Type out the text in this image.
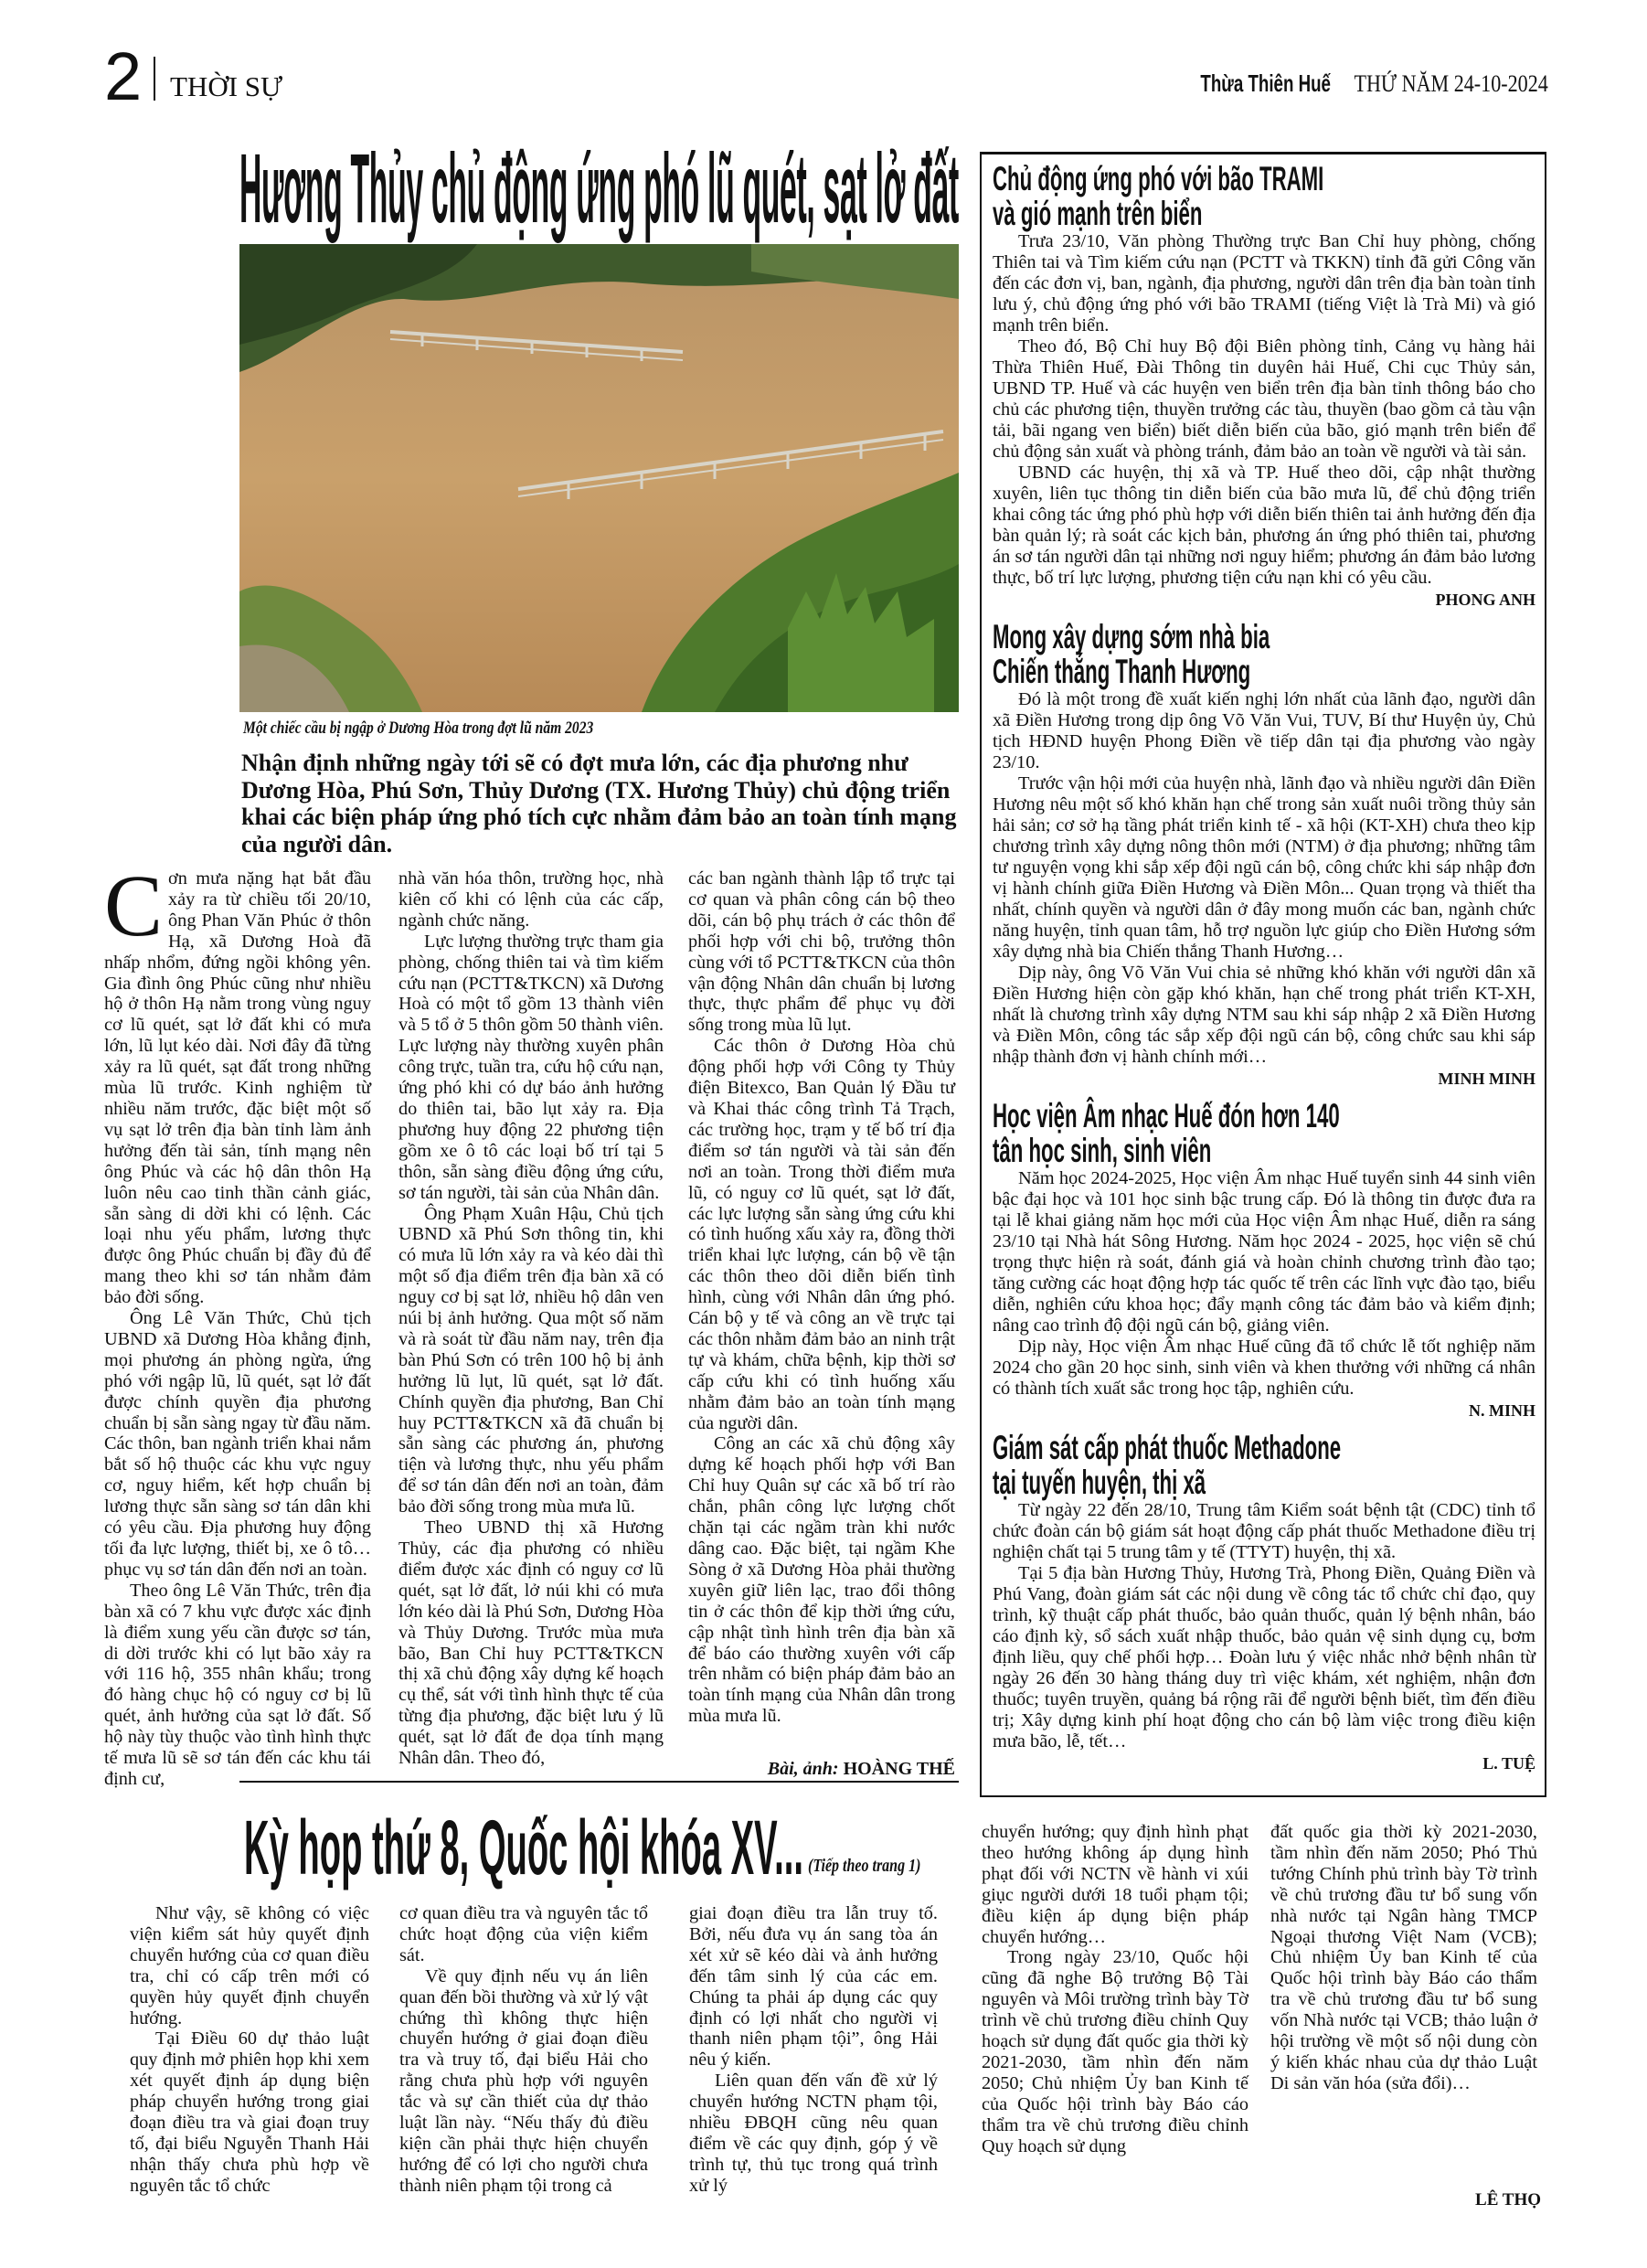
2 THỜI SỰ	Thừa Thiên Huế THỨ NĂM 24-10-2024
Hương Thủy chủ động ứng phó lũ quét, sạt lở đất
Một chiếc cầu bị ngập ở Dương Hòa trong đợt lũ năm 2023
Nhận định những ngày tới sẽ có đợt mưa lớn, các địa phương như Dương Hòa, Phú Sơn, Thủy Dương (TX. Hương Thủy) chủ động triển khai các biện pháp ứng phó tích cực nhằm đảm bảo an toàn tính mạng của người dân.

Cơn mưa nặng hạt bắt đầu xảy ra từ chiều tối 20/10, ông Phan Văn Phúc ở thôn Hạ, xã Dương Hoà đã nhấp nhổm, đứng ngồi không yên. Gia đình ông Phúc cũng như nhiều hộ ở thôn Hạ nằm trong vùng nguy cơ lũ quét, sạt lở đất khi có mưa lớn, lũ lụt kéo dài. Nơi đây đã từng xảy ra lũ quét, sạt đất trong những mùa lũ trước. Kinh nghiệm từ nhiều năm trước, đặc biệt một số vụ sạt lở trên địa bàn tỉnh làm ảnh hưởng đến tài sản, tính mạng nên ông Phúc và các hộ dân thôn Hạ luôn nêu cao tinh thần cảnh giác, sẵn sàng di dời khi có lệnh. Các loại nhu yếu phẩm, lương thực được ông Phúc chuẩn bị đầy đủ để mang theo khi sơ tán nhằm đảm bảo đời sống.

Ông Lê Văn Thức, Chủ tịch UBND xã Dương Hòa khẳng định, mọi phương án phòng ngừa, ứng phó với ngập lũ, lũ quét, sạt lở đất được chính quyền địa phương chuẩn bị sẵn sàng ngay từ đầu năm. Các thôn, ban ngành triển khai nắm bắt số hộ thuộc các khu vực nguy cơ, nguy hiểm, kết hợp chuẩn bị lương thực sẵn sàng sơ tán dân khi có yêu cầu. Địa phương huy động tối đa lực lượng, thiết bị, xe ô tô… phục vụ sơ tán dân đến nơi an toàn.

Theo ông Lê Văn Thức, trên địa bàn xã có 7 khu vực được xác định là điểm xung yếu cần được sơ tán, di dời trước khi có lụt bão xảy ra với 116 hộ, 355 nhân khẩu; trong đó hàng chục hộ có nguy cơ bị lũ quét, ảnh hưởng của sạt lở đất. Số hộ này tùy thuộc vào tình hình thực tế mưa lũ sẽ sơ tán đến các khu tái định cư,

nhà văn hóa thôn, trường học, nhà kiên cố khi có lệnh của các cấp, ngành chức năng.

Lực lượng thường trực tham gia phòng, chống thiên tai và tìm kiếm cứu nạn (PCTT&TKCN) xã Dương Hoà có một tổ gồm 13 thành viên và 5 tổ ở 5 thôn gồm 50 thành viên. Lực lượng này thường xuyên phân công trực, tuần tra, cứu hộ cứu nạn, ứng phó khi có dự báo ảnh hưởng do thiên tai, bão lụt xảy ra. Địa phương huy động 22 phương tiện gồm xe ô tô các loại bố trí tại 5 thôn, sẵn sàng điều động ứng cứu, sơ tán người, tài sản của Nhân dân.

Ông Phạm Xuân Hậu, Chủ tịch UBND xã Phú Sơn thông tin, khi có mưa lũ lớn xảy ra và kéo dài thì một số địa điểm trên địa bàn xã có nguy cơ bị sạt lở, nhiều hộ dân ven núi bị ảnh hưởng. Qua một số năm và rà soát từ đầu năm nay, trên địa bàn Phú Sơn có trên 100 hộ bị ảnh hưởng lũ lụt, lũ quét, sạt lở đất. Chính quyền địa phương, Ban Chỉ huy PCTT&TKCN xã đã chuẩn bị sẵn sàng các phương án, phương tiện và lương thực, nhu yếu phẩm để sơ tán dân đến nơi an toàn, đảm bảo đời sống trong mùa mưa lũ.

Theo UBND thị xã Hương Thủy, các địa phương có nhiều điểm được xác định có nguy cơ lũ quét, sạt lở đất, lở núi khi có mưa lớn kéo dài là Phú Sơn, Dương Hòa và Thủy Dương. Trước mùa mưa bão, Ban Chỉ huy PCTT&TKCN thị xã chủ động xây dựng kế hoạch cụ thể, sát với tình hình thực tế của từng địa phương, đặc biệt lưu ý lũ quét, sạt lở đất đe dọa tính mạng Nhân dân. Theo đó,

các ban ngành thành lập tổ trực tại cơ quan và phân công cán bộ theo dõi, cán bộ phụ trách ở các thôn để phối hợp với chi bộ, trưởng thôn cùng với tổ PCTT&TKCN của thôn vận động Nhân dân chuẩn bị lương thực, thực phẩm để phục vụ đời sống trong mùa lũ lụt.

Các thôn ở Dương Hòa chủ động phối hợp với Công ty Thủy điện Bitexco, Ban Quản lý Đầu tư và Khai thác công trình Tả Trạch, các trường học, trạm y tế bố trí địa điểm sơ tán người và tài sản đến nơi an toàn. Trong thời điểm mưa lũ, có nguy cơ lũ quét, sạt lở đất, các lực lượng sẵn sàng ứng cứu khi có tình huống xấu xảy ra, đồng thời triển khai lực lượng, cán bộ về tận các thôn theo dõi diễn biến tình hình, cùng với Nhân dân ứng phó. Cán bộ y tế và công an về trực tại các thôn nhằm đảm bảo an ninh trật tự và khám, chữa bệnh, kịp thời sơ cấp cứu khi có tình huống xấu nhằm đảm bảo an toàn tính mạng của người dân.

Công an các xã chủ động xây dựng kế hoạch phối hợp với Ban Chỉ huy Quân sự các xã bố trí rào chắn, phân công lực lượng chốt chặn tại các ngầm tràn khi nước dâng cao. Đặc biệt, tại ngầm Khe Sòng ở xã Dương Hòa phải thường xuyên giữ liên lạc, trao đổi thông tin ở các thôn để kịp thời ứng cứu, cập nhật tình hình trên địa bàn xã để báo cáo thường xuyên với cấp trên nhằm có biện pháp đảm bảo an toàn tính mạng của Nhân dân trong mùa mưa lũ.

Bài, ảnh: HOÀNG THẾ
Chủ động ứng phó với bão TRAMI
và gió mạnh trên biển

Trưa 23/10, Văn phòng Thường trực Ban Chỉ huy phòng, chống Thiên tai và Tìm kiếm cứu nạn (PCTT và TKKN) tỉnh đã gửi Công văn đến các đơn vị, ban, ngành, địa phương, người dân trên địa bàn toàn tỉnh lưu ý, chủ động ứng phó với bão TRAMI (tiếng Việt là Trà Mi) và gió mạnh trên biển.

Theo đó, Bộ Chỉ huy Bộ đội Biên phòng tỉnh, Cảng vụ hàng hải Thừa Thiên Huế, Đài Thông tin duyên hải Huế, Chi cục Thủy sản, UBND TP. Huế và các huyện ven biển trên địa bàn tỉnh thông báo cho chủ các phương tiện, thuyền trưởng các tàu, thuyền (bao gồm cả tàu vận tải, bãi ngang ven biển) biết diễn biến của bão, gió mạnh trên biển để chủ động sản xuất và phòng tránh, đảm bảo an toàn về người và tài sản.

UBND các huyện, thị xã và TP. Huế theo dõi, cập nhật thường xuyên, liên tục thông tin diễn biến của bão mưa lũ, để chủ động triển khai công tác ứng phó phù hợp với diễn biến thiên tai ảnh hưởng đến địa bàn quản lý; rà soát các kịch bản, phương án ứng phó thiên tai, phương án sơ tán người dân tại những nơi nguy hiểm; phương án đảm bảo lương thực, bố trí lực lượng, phương tiện cứu nạn khi có yêu cầu.

PHONG ANH
Mong xây dựng sớm nhà bia
Chiến thắng Thanh Hương

Đó là một trong đề xuất kiến nghị lớn nhất của lãnh đạo, người dân xã Điền Hương trong dịp ông Võ Văn Vui, TUV, Bí thư Huyện ủy, Chủ tịch HĐND huyện Phong Điền về tiếp dân tại địa phương vào ngày 23/10.

Trước vận hội mới của huyện nhà, lãnh đạo và nhiều người dân Điền Hương nêu một số khó khăn hạn chế trong sản xuất nuôi trồng thủy sản hải sản; cơ sở hạ tầng phát triển kinh tế - xã hội (KT-XH) chưa theo kịp chương trình xây dựng nông thôn mới (NTM) ở địa phương; những tâm tư nguyện vọng khi sắp xếp đội ngũ cán bộ, công chức khi sáp nhập đơn vị hành chính giữa Điền Hương và Điền Môn... Quan trọng và thiết tha nhất, chính quyền và người dân ở đây mong muốn các ban, ngành chức năng huyện, tỉnh quan tâm, hỗ trợ nguồn lực giúp cho Điền Hương sớm xây dựng nhà bia Chiến thắng Thanh Hương…

Dịp này, ông Võ Văn Vui chia sẻ những khó khăn với người dân xã Điền Hương hiện còn gặp khó khăn, hạn chế trong phát triển KT-XH, nhất là chương trình xây dựng NTM sau khi sáp nhập 2 xã Điền Hương và Điền Môn, công tác sắp xếp đội ngũ cán bộ, công chức sau khi sáp nhập thành đơn vị hành chính mới…

MINH MINH
Học viện Âm nhạc Huế đón hơn 140
tân học sinh, sinh viên

Năm học 2024-2025, Học viện Âm nhạc Huế tuyển sinh 44 sinh viên bậc đại học và 101 học sinh bậc trung cấp. Đó là thông tin được đưa ra tại lễ khai giảng năm học mới của Học viện Âm nhạc Huế, diễn ra sáng 23/10 tại Nhà hát Sông Hương. Năm học 2024 - 2025, học viện sẽ chú trọng thực hiện rà soát, đánh giá và hoàn chỉnh chương trình đào tạo; tăng cường các hoạt động hợp tác quốc tế trên các lĩnh vực đào tạo, biểu diễn, nghiên cứu khoa học; đẩy mạnh công tác đảm bảo và kiểm định; nâng cao trình độ đội ngũ cán bộ, giảng viên.

Dịp này, Học viện Âm nhạc Huế cũng đã tổ chức lễ tốt nghiệp năm 2024 cho gần 20 học sinh, sinh viên và khen thưởng với những cá nhân có thành tích xuất sắc trong học tập, nghiên cứu.

N. MINH
Giám sát cấp phát thuốc Methadone
tại tuyến huyện, thị xã

Từ ngày 22 đến 28/10, Trung tâm Kiểm soát bệnh tật (CDC) tỉnh tổ chức đoàn cán bộ giám sát hoạt động cấp phát thuốc Methadone điều trị nghiện chất tại 5 trung tâm y tế (TTYT) huyện, thị xã.

Tại 5 địa bàn Hương Thủy, Hương Trà, Phong Điền, Quảng Điền và Phú Vang, đoàn giám sát các nội dung về công tác tổ chức chỉ đạo, quy trình, kỹ thuật cấp phát thuốc, bảo quản thuốc, quản lý bệnh nhân, báo cáo định kỳ, sổ sách xuất nhập thuốc, bảo quản vệ sinh dụng cụ, bơm định liều, quy chế phối hợp… Đoàn lưu ý việc nhắc nhở bệnh nhân từ ngày 26 đến 30 hàng tháng duy trì việc khám, xét nghiệm, nhận đơn thuốc; tuyên truyền, quảng bá rộng rãi để người bệnh biết, tìm đến điều trị; Xây dựng kinh phí hoạt động cho cán bộ làm việc trong điều kiện mưa bão, lễ, tết…

L. TUỆ
Kỳ họp thứ 8, Quốc hội khóa XV... (Tiếp theo trang 1)

Như vậy, sẽ không có việc viện kiểm sát hủy quyết định chuyển hướng của cơ quan điều tra, chỉ có cấp trên mới có quyền hủy quyết định chuyển hướng.

Tại Điều 60 dự thảo luật quy định mở phiên họp khi xem xét quyết định áp dụng biện pháp chuyển hướng trong giai đoạn điều tra và giai đoạn truy tố, đại biểu Nguyễn Thanh Hải nhận thấy chưa phù hợp về nguyên tắc tổ chức

cơ quan điều tra và nguyên tắc tổ chức hoạt động của viện kiểm sát.

Về quy định nếu vụ án liên quan đến bồi thường và xử lý vật chứng thì không thực hiện chuyển hướng ở giai đoạn điều tra và truy tố, đại biểu Hải cho rằng chưa phù hợp với nguyên tắc và sự cần thiết của dự thảo luật lần này. “Nếu thấy đủ điều kiện cần phải thực hiện chuyển hướng để có lợi cho người chưa thành niên phạm tội trong cả

giai đoạn điều tra lẫn truy tố. Bởi, nếu đưa vụ án sang tòa án xét xử sẽ kéo dài và ảnh hưởng đến tâm sinh lý của các em. Chúng ta phải áp dụng các quy định có lợi nhất cho người vị thanh niên phạm tội”, ông Hải nêu ý kiến.

Liên quan đến vấn đề xử lý chuyển hướng NCTN phạm tội, nhiều ĐBQH cũng nêu quan điểm về các quy định, góp ý về trình tự, thủ tục trong quá trình xử lý

chuyển hướng; quy định hình phạt theo hướng không áp dụng hình phạt đối với NCTN về hành vi xúi giục người dưới 18 tuổi phạm tội; điều kiện áp dụng biện pháp chuyển hướng…

Trong ngày 23/10, Quốc hội cũng đã nghe Bộ trưởng Bộ Tài nguyên và Môi trường trình bày Tờ trình về chủ trương điều chỉnh Quy hoạch sử dụng đất quốc gia thời kỳ 2021-2030, tầm nhìn đến năm 2050; Chủ nhiệm Ủy ban Kinh tế của Quốc hội trình bày Báo cáo thẩm tra về chủ trương điều chỉnh Quy hoạch sử dụng

đất quốc gia thời kỳ 2021-2030, tầm nhìn đến năm 2050; Phó Thủ tướng Chính phủ trình bày Tờ trình về chủ trương đầu tư bổ sung vốn nhà nước tại Ngân hàng TMCP Ngoại thương Việt Nam (VCB); Chủ nhiệm Ủy ban Kinh tế của Quốc hội trình bày Báo cáo thẩm tra về chủ trương đầu tư bổ sung vốn Nhà nước tại VCB; thảo luận ở hội trường về một số nội dung còn ý kiến khác nhau của dự thảo Luật Di sản văn hóa (sửa đổi)…

LÊ THỌ
